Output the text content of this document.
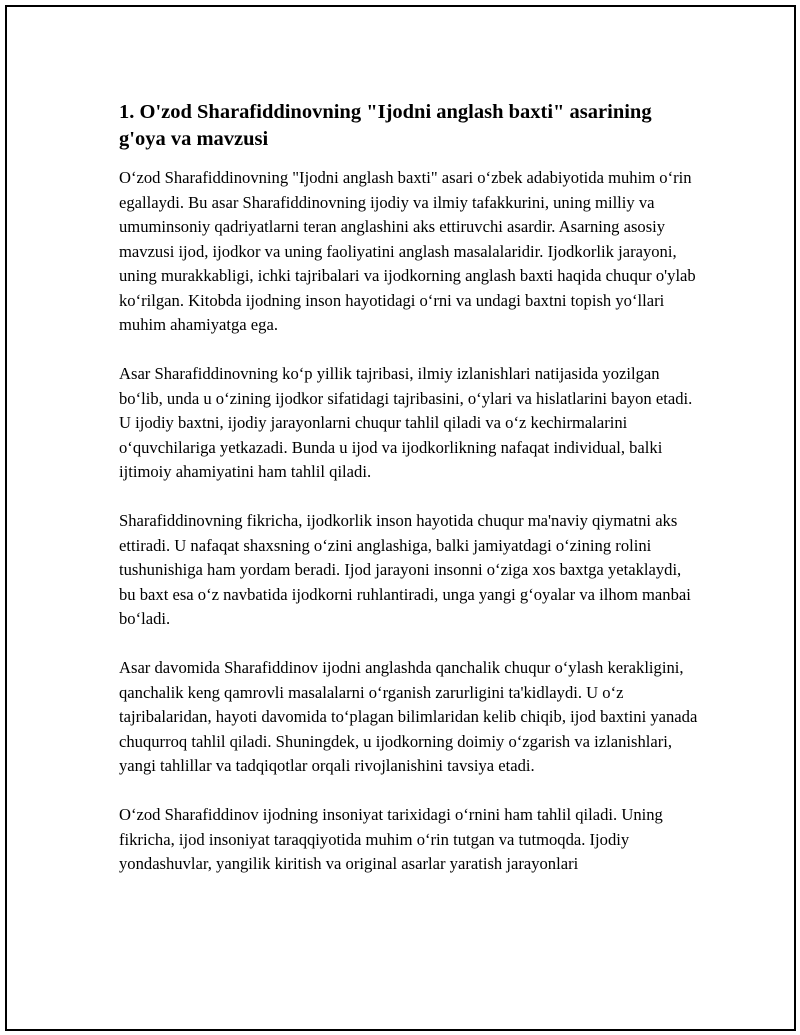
1. O'zod Sharafiddinovning "Ijodni anglash baxti" asarining g'oya va mavzusi

O‘zod Sharafiddinovning "Ijodni anglash baxti" asari o‘zbek adabiyotida muhim o‘rin egallaydi. Bu asar Sharafiddinovning ijodiy va ilmiy tafakkurini, uning milliy va umuminsoniy qadriyatlarni teran anglashini aks ettiruvchi asardir. Asarning asosiy mavzusi ijod, ijodkor va uning faoliyatini anglash masalalaridir. Ijodkorlik jarayoni, uning murakkabligi, ichki tajribalari va ijodkorning anglash baxti haqida chuqur o'ylab ko‘rilgan. Kitobda ijodning inson hayotidagi o‘rni va undagi baxtni topish yo‘llari muhim ahamiyatga ega.

Asar Sharafiddinovning ko‘p yillik tajribasi, ilmiy izlanishlari natijasida yozilgan bo‘lib, unda u o‘zining ijodkor sifatidagi tajribasini, o‘ylari va hislatlarini bayon etadi. U ijodiy baxtni, ijodiy jarayonlarni chuqur tahlil qiladi va o‘z kechirmalarini o‘quvchilariga yetkazadi. Bunda u ijod va ijodkorlikning nafaqat individual, balki ijtimoiy ahamiyatini ham tahlil qiladi.

Sharafiddinovning fikricha, ijodkorlik inson hayotida chuqur ma'naviy qiymatni aks ettiradi. U nafaqat shaxsning o‘zini anglashiga, balki jamiyatdagi o‘zining rolini tushunishiga ham yordam beradi. Ijod jarayoni insonni o‘ziga xos baxtga yetaklaydi, bu baxt esa o‘z navbatida ijodkorni ruhlantiradi, unga yangi g‘oyalar va ilhom manbai bo‘ladi.

Asar davomida Sharafiddinov ijodni anglashda qanchalik chuqur o‘ylash kerakligini, qanchalik keng qamrovli masalalarni o‘rganish zarurligini ta'kidlaydi. U o‘z tajribalaridan, hayoti davomida to‘plagan bilimlaridan kelib chiqib, ijod baxtini yanada chuqurroq tahlil qiladi. Shuningdek, u ijodkorning doimiy o‘zgarish va izlanishlari, yangi tahlillar va tadqiqotlar orqali rivojlanishini tavsiya etadi.

O‘zod Sharafiddinov ijodning insoniyat tarixidagi o‘rnini ham tahlil qiladi. Uning fikricha, ijod insoniyat taraqqiyotida muhim o‘rin tutgan va tutmoqda. Ijodiy yondashuvlar, yangilik kiritish va original asarlar yaratish jarayonlari
